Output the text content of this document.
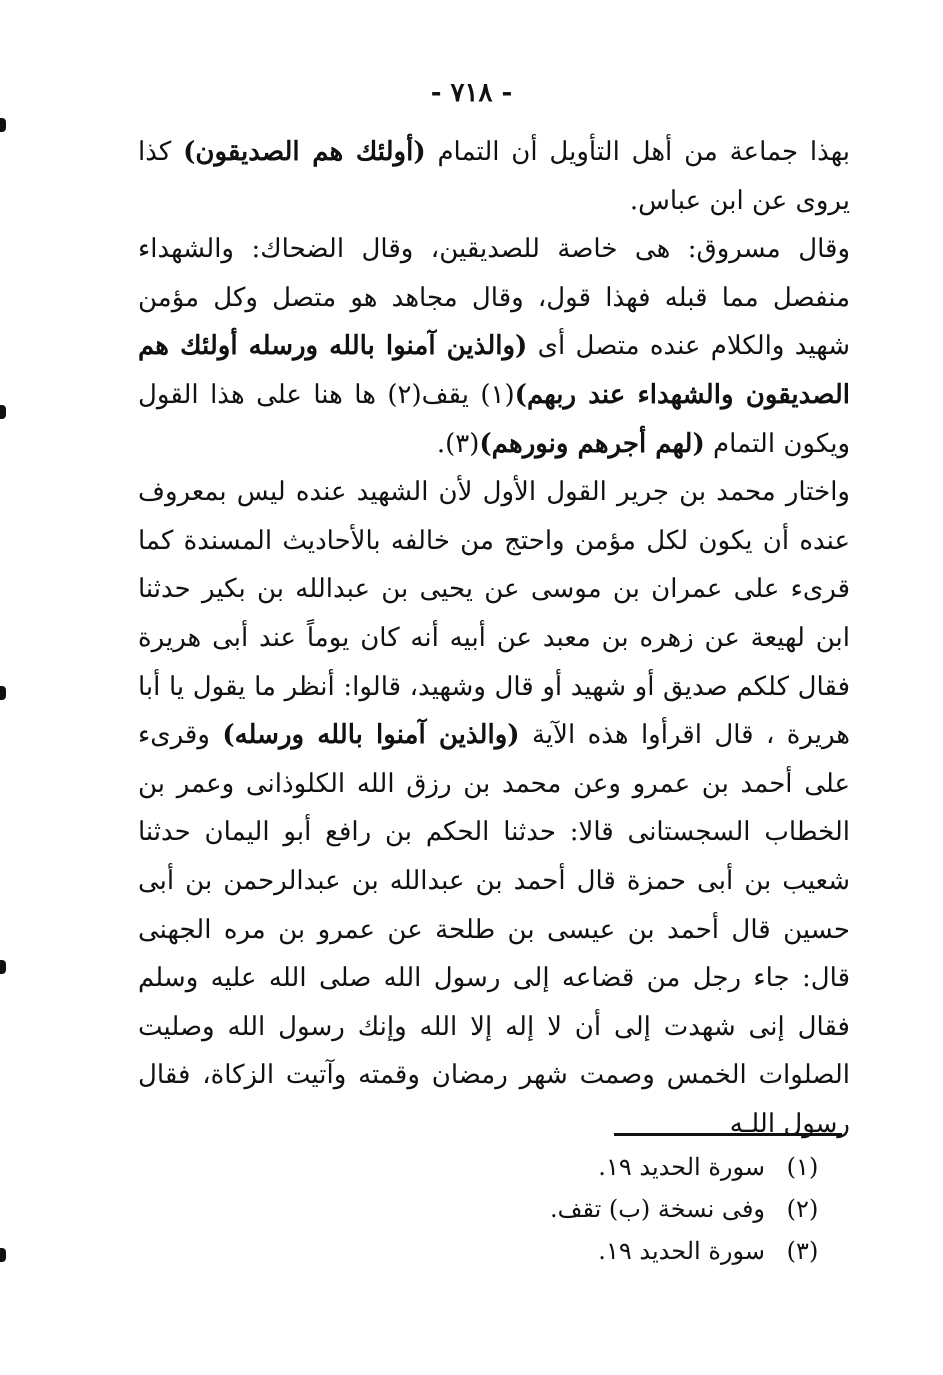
- ٧١٨ -

بهذا جماعة من أهل التأويل أن التمام (أولئك هم الصديقون) كذا يروى عن ابن عباس.

وقال مسروق: هى خاصة للصديقين، وقال الضحاك: والشهداء منفصل مما قبله فهذا قول، وقال مجاهد هو متصل وكل مؤمن شهيد والكلام عنده متصل أى (والذين آمنوا بالله ورسله أولئك هم الصديقون والشهداء عند ربهم)(١) يقف(٢) ها هنا على هذا القول ويكون التمام (لهم أجرهم ونورهم)(٣).

واختار محمد بن جرير القول الأول لأن الشهيد عنده ليس بمعروف عنده أن يكون لكل مؤمن واحتج من خالفه بالأحاديث المسندة كما قرىء على عمران بن موسى عن يحيى بن عبدالله بن بكير حدثنا ابن لهيعة عن زهره بن معبد عن أبيه أنه كان يوماً عند أبى هريرة فقال كلكم صديق أو شهيد أو قال وشهيد، قالوا: أنظر ما يقول يا أبا هريرة ، قال اقرأوا هذه الآية (والذين آمنوا بالله ورسله) وقرىء على أحمد بن عمرو وعن محمد بن رزق الله الكلوذانى وعمر بن الخطاب السجستانى قالا: حدثنا الحكم بن رافع أبو اليمان حدثنا شعيب بن أبى حمزة قال أحمد بن عبدالله بن عبدالرحمن بن أبى حسين قال أحمد بن عيسى بن طلحة عن عمرو بن مره الجهنى قال: جاء رجل من قضاعه إلى رسول الله صلى الله عليه وسلم فقال إنى شهدت إلى أن لا إله إلا الله وإنك رسول الله وصليت الصلوات الخمس وصمت شهر رمضان وقمته وآتيت الزكاة، فقال رسول اللـه

(١)
سورة الحديد ١٩.
(٢)
وفى نسخة (ب) تقف.
(٣)
سورة الحديد ١٩.
